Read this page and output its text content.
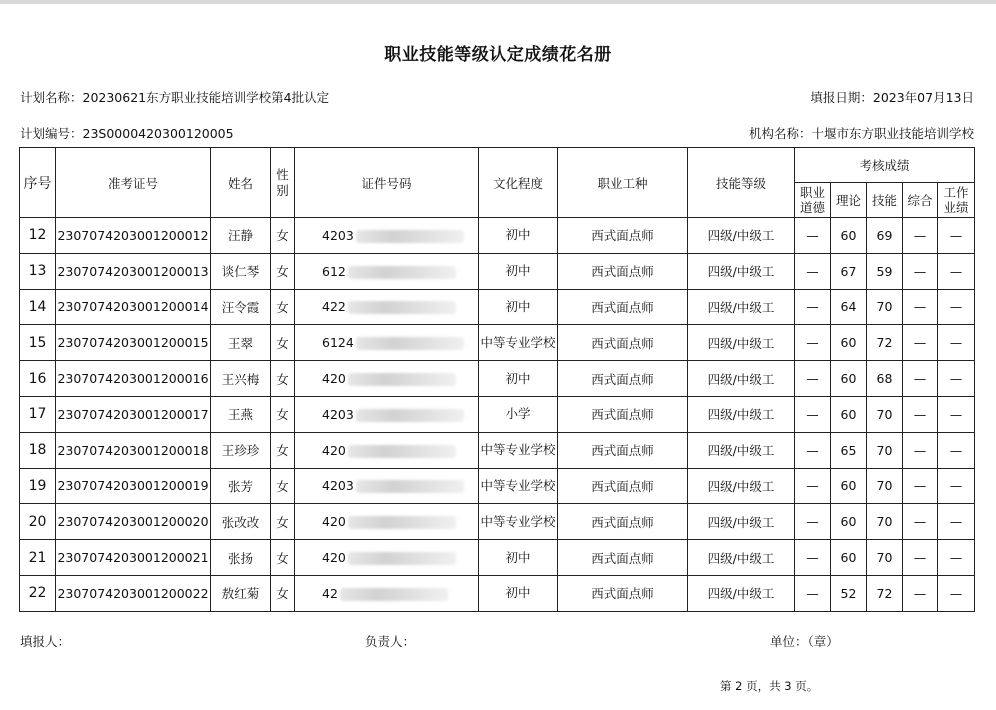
职业技能等级认定成绩花名册
计划名称：20230621东方职业技能培训学校第4批认定	填报日期：2023年07月13日
计划编号：23S0000420300120005	机构名称：十堰市东方职业技能培训学校
序号	准考证号	姓名	性别	证件号码	文化程度	职业工种	技能等级	考核成绩				
								职业道德	理论	技能	综合	工作业绩
12	2307074203001200012	汪静	女	4203	初中	西式面点师	四级/中级工	—	60	69	—	—
13	2307074203001200013	谈仁琴	女	612	初中	西式面点师	四级/中级工	—	67	59	—	—
14	2307074203001200014	汪令霞	女	422	初中	西式面点师	四级/中级工	—	64	70	—	—
15	2307074203001200015	王翠	女	6124	中等专业学校	西式面点师	四级/中级工	—	60	72	—	—
16	2307074203001200016	王兴梅	女	420	初中	西式面点师	四级/中级工	—	60	68	—	—
17	2307074203001200017	王燕	女	4203	小学	西式面点师	四级/中级工	—	60	70	—	—
18	2307074203001200018	王珍珍	女	420	中等专业学校	西式面点师	四级/中级工	—	65	70	—	—
19	2307074203001200019	张芳	女	4203	中等专业学校	西式面点师	四级/中级工	—	60	70	—	—
20	2307074203001200020	张改改	女	420	中等专业学校	西式面点师	四级/中级工	—	60	70	—	—
21	2307074203001200021	张扬	女	420	初中	西式面点师	四级/中级工	—	60	70	—	—
22	2307074203001200022	敖红菊	女	42	初中	西式面点师	四级/中级工	—	52	72	—	—
填报人：	负责人：	单位：（章）
第 2 页，共 3 页。
